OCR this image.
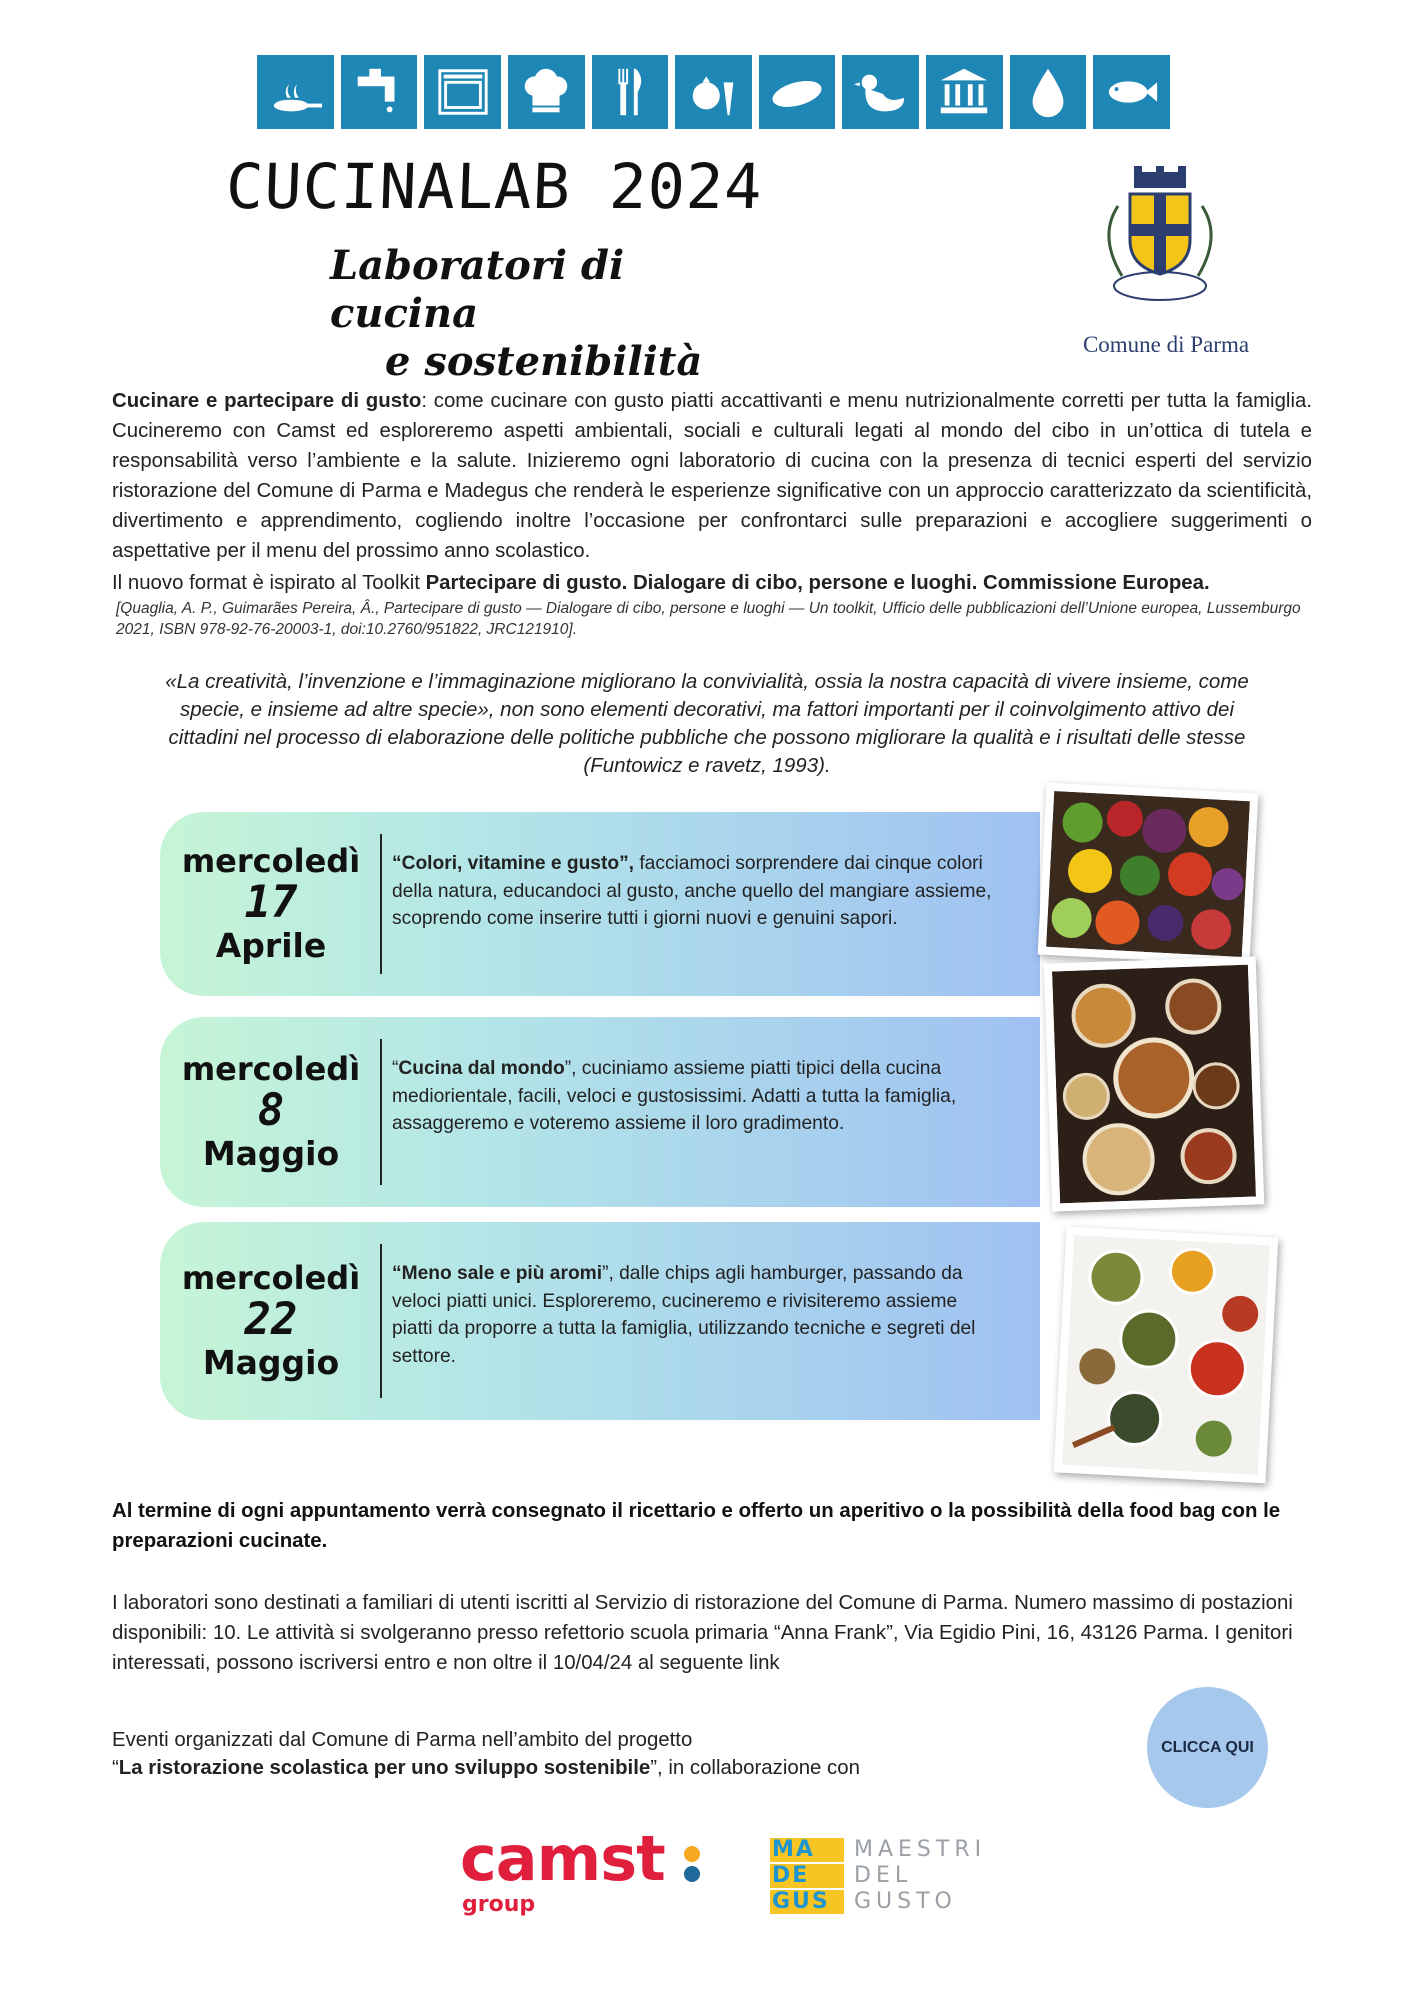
CUCINALAB 2024
Laboratori di cucina
e sostenibilità	Comune di Parma
Cucinare e partecipare di gusto: come cucinare con gusto piatti accattivanti e menu nutrizionalmente corretti per tutta la famiglia. Cucineremo con Camst ed esploreremo aspetti ambientali, sociali e culturali legati al mondo del cibo in un’ottica di tutela e responsabilità verso l’ambiente e la salute. Inizieremo ogni laboratorio di cucina con la presenza di tecnici esperti del servizio ristorazione del Comune di Parma e Madegus che renderà le esperienze significative con un approccio caratterizzato da scientificità, divertimento e apprendimento, cogliendo inoltre l’occasione per confrontarci sulle preparazioni e accogliere suggerimenti o aspettative per il menu del prossimo anno scolastico.
Il nuovo format è ispirato al Toolkit Partecipare di gusto. Dialogare di cibo, persone e luoghi. Commissione Europea.
[Quaglia, A. P., Guimarães Pereira, Â., Partecipare di gusto — Dialogare di cibo, persone e luoghi — Un toolkit, Ufficio delle pubblicazioni dell’Unione europea, Lussemburgo 2021, ISBN 978-92-76-20003-1, doi:10.2760/951822, JRC121910].
«La creatività, l’invenzione e l’immaginazione migliorano la convivialità, ossia la nostra capacità di vivere insieme, come specie, e insieme ad altre specie», non sono elementi decorativi, ma fattori importanti per il coinvolgimento attivo dei cittadini nel processo di elaborazione delle politiche pubbliche che possono migliorare la qualità e i risultati delle stesse (Funtowicz e ravetz, 1993).
mercoledì
17
Aprile
“Colori, vitamine e gusto”, facciamoci sorprendere dai cinque colori della natura, educandoci al gusto, anche quello del mangiare assieme, scoprendo come inserire tutti i giorni nuovi e genuini sapori.
mercoledì
8
Maggio
“Cucina dal mondo”, cuciniamo assieme piatti tipici della cucina mediorientale, facili, veloci e gustosissimi. Adatti a tutta la famiglia, assaggeremo e voteremo assieme il loro gradimento.
mercoledì
22
Maggio
“Meno sale e più aromi”, dalle chips agli hamburger, passando da veloci piatti unici. Esploreremo, cucineremo e rivisiteremo assieme piatti da proporre a tutta la famiglia, utilizzando tecniche e segreti del settore.
Al termine di ogni appuntamento verrà consegnato il ricettario e offerto un aperitivo o la possibilità della food bag con le preparazioni cucinate.
I laboratori sono destinati a familiari di utenti iscritti al Servizio di ristorazione del Comune di Parma. Numero massimo di postazioni disponibili: 10. Le attività si svolgeranno presso refettorio scuola primaria “Anna Frank”, Via Egidio Pini, 16, 43126 Parma. I genitori interessati, possono iscriversi entro e non oltre il 10/04/24 al seguente link
Eventi organizzati dal Comune di Parma nell’ambito del progetto
“La ristorazione scolastica per uno sviluppo sostenibile”, in collaborazione con
CLICCA QUI
camst
group
MA
DE
GUS
MAESTRI
DEL
GUSTO
